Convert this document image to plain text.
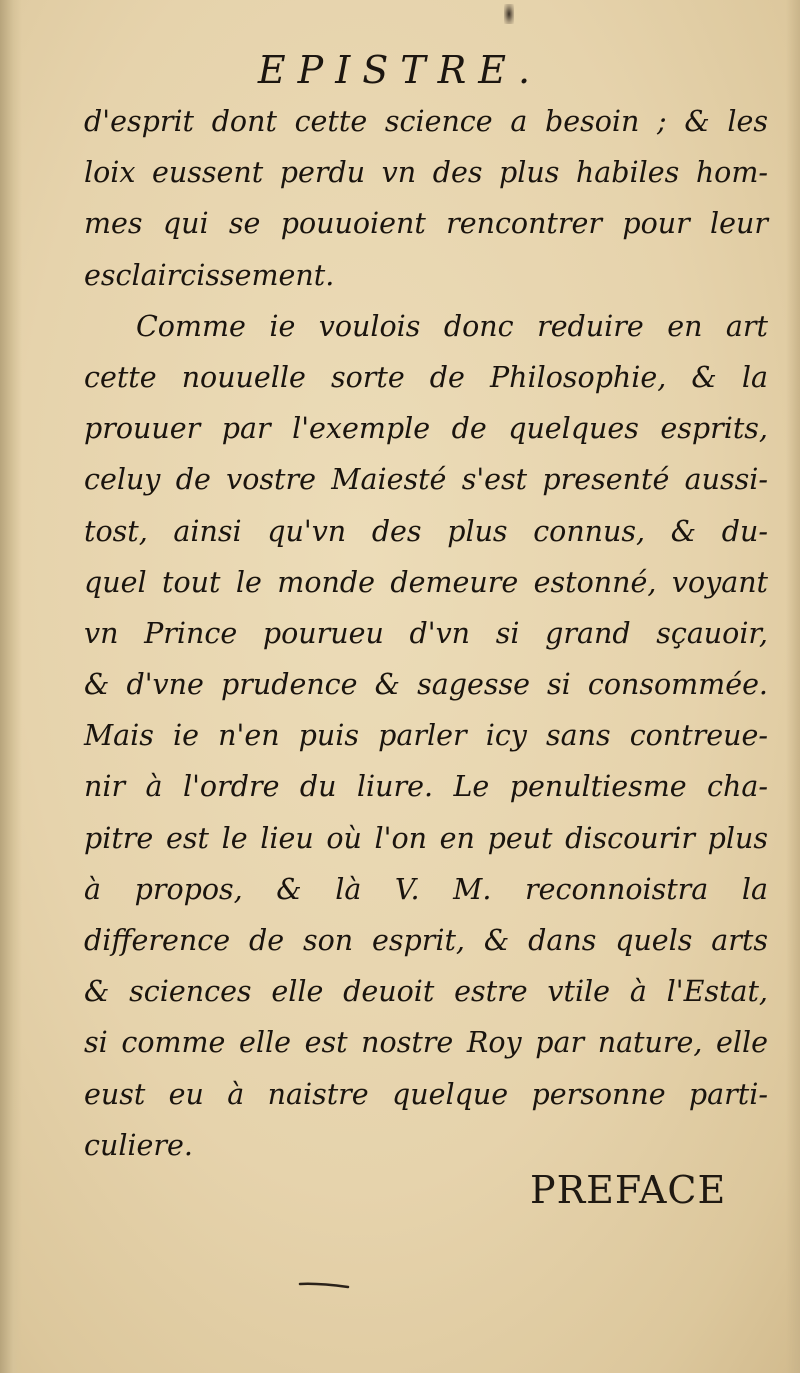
EPISTRE.
d'esprit dont cette science a besoin ; & les
loix eussent perdu vn des plus habiles hom-
mes qui se pouuoient rencontrer pour leur
esclaircissement.
Comme ie voulois donc reduire en art
cette nouuelle sorte de Philosophie, & la
prouuer par l'exemple de quelques esprits,
celuy de vostre Maiesté s'est presenté aussi-
tost, ainsi qu'vn des plus connus, & du-
quel tout le monde demeure estonné, voyant
vn Prince pourueu d'vn si grand sçauoir,
& d'vne prudence & sagesse si consommée.
Mais ie n'en puis parler icy sans contreue-
nir à l'ordre du liure. Le penultiesme cha-
pitre est le lieu où l'on en peut discourir plus
à propos, & là V. M. reconnoistra la
difference de son esprit, & dans quels arts
& sciences elle deuoit estre vtile à l'Estat,
si comme elle est nostre Roy par nature, elle
eust eu à naistre quelque personne parti-
culiere.
PREFACE
